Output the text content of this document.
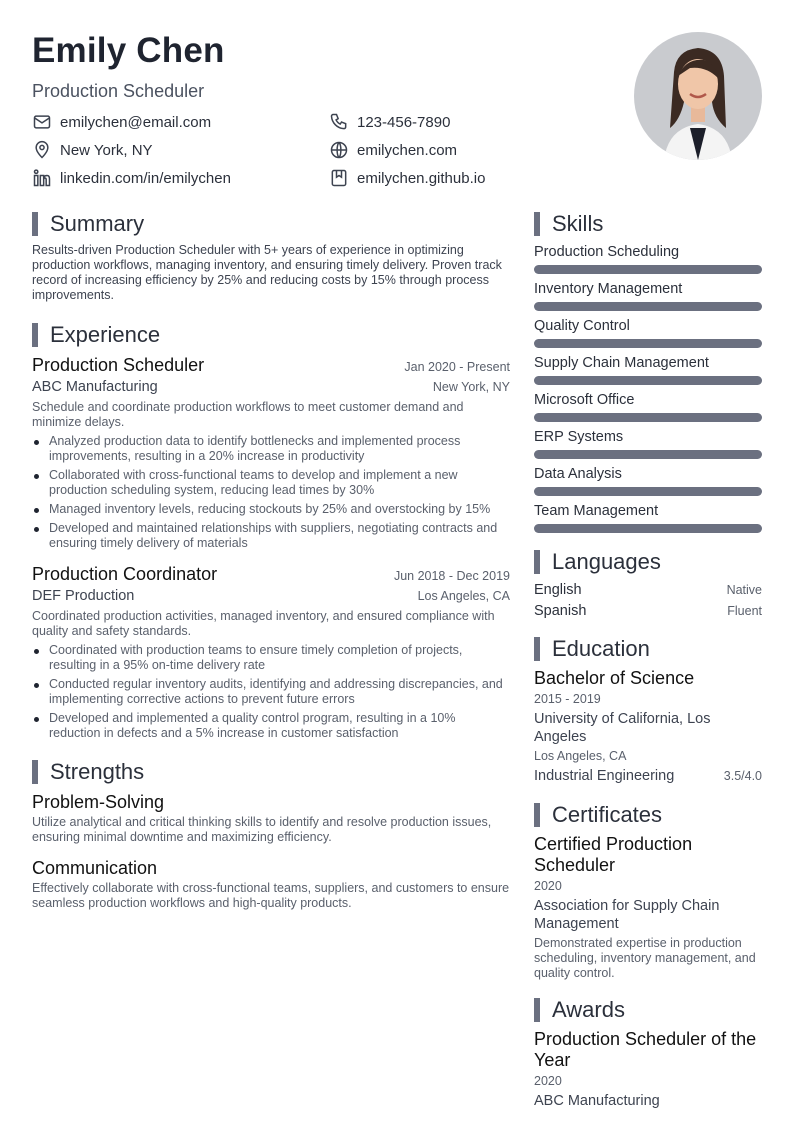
Emily Chen
Production Scheduler
emilychen@email.com	123-456-7890
New York, NY	emilychen.com
linkedin.com/in/emilychen	emilychen.github.io
Summary
Results-driven Production Scheduler with 5+ years of experience in optimizing production workflows, managing inventory, and ensuring timely delivery. Proven track record of increasing efficiency by 25% and reducing costs by 15% through process improvements.
Experience
Production Scheduler	Jan 2020 - Present
ABC Manufacturing	New York, NY
Schedule and coordinate production workflows to meet customer demand and minimize delays.
Analyzed production data to identify bottlenecks and implemented process improvements, resulting in a 20% increase in productivity
Collaborated with cross-functional teams to develop and implement a new production scheduling system, reducing lead times by 30%
Managed inventory levels, reducing stockouts by 25% and overstocking by 15%
Developed and maintained relationships with suppliers, negotiating contracts and ensuring timely delivery of materials
Production Coordinator	Jun 2018 - Dec 2019
DEF Production	Los Angeles, CA
Coordinated production activities, managed inventory, and ensured compliance with quality and safety standards.
Coordinated with production teams to ensure timely completion of projects, resulting in a 95% on-time delivery rate
Conducted regular inventory audits, identifying and addressing discrepancies, and implementing corrective actions to prevent future errors
Developed and implemented a quality control program, resulting in a 10% reduction in defects and a 5% increase in customer satisfaction
Strengths
Problem-Solving
Utilize analytical and critical thinking skills to identify and resolve production issues, ensuring minimal downtime and maximizing efficiency.
Communication
Effectively collaborate with cross-functional teams, suppliers, and customers to ensure seamless production workflows and high-quality products.
Skills
Production Scheduling
Inventory Management
Quality Control
Supply Chain Management
Microsoft Office
ERP Systems
Data Analysis
Team Management
Languages
English	Native
Spanish	Fluent
Education
Bachelor of Science
2015 - 2019
University of California, Los Angeles
Los Angeles, CA
Industrial Engineering	3.5/4.0
Certificates
Certified Production Scheduler
2020
Association for Supply Chain Management
Demonstrated expertise in production scheduling, inventory management, and quality control.
Awards
Production Scheduler of the Year
2020
ABC Manufacturing
